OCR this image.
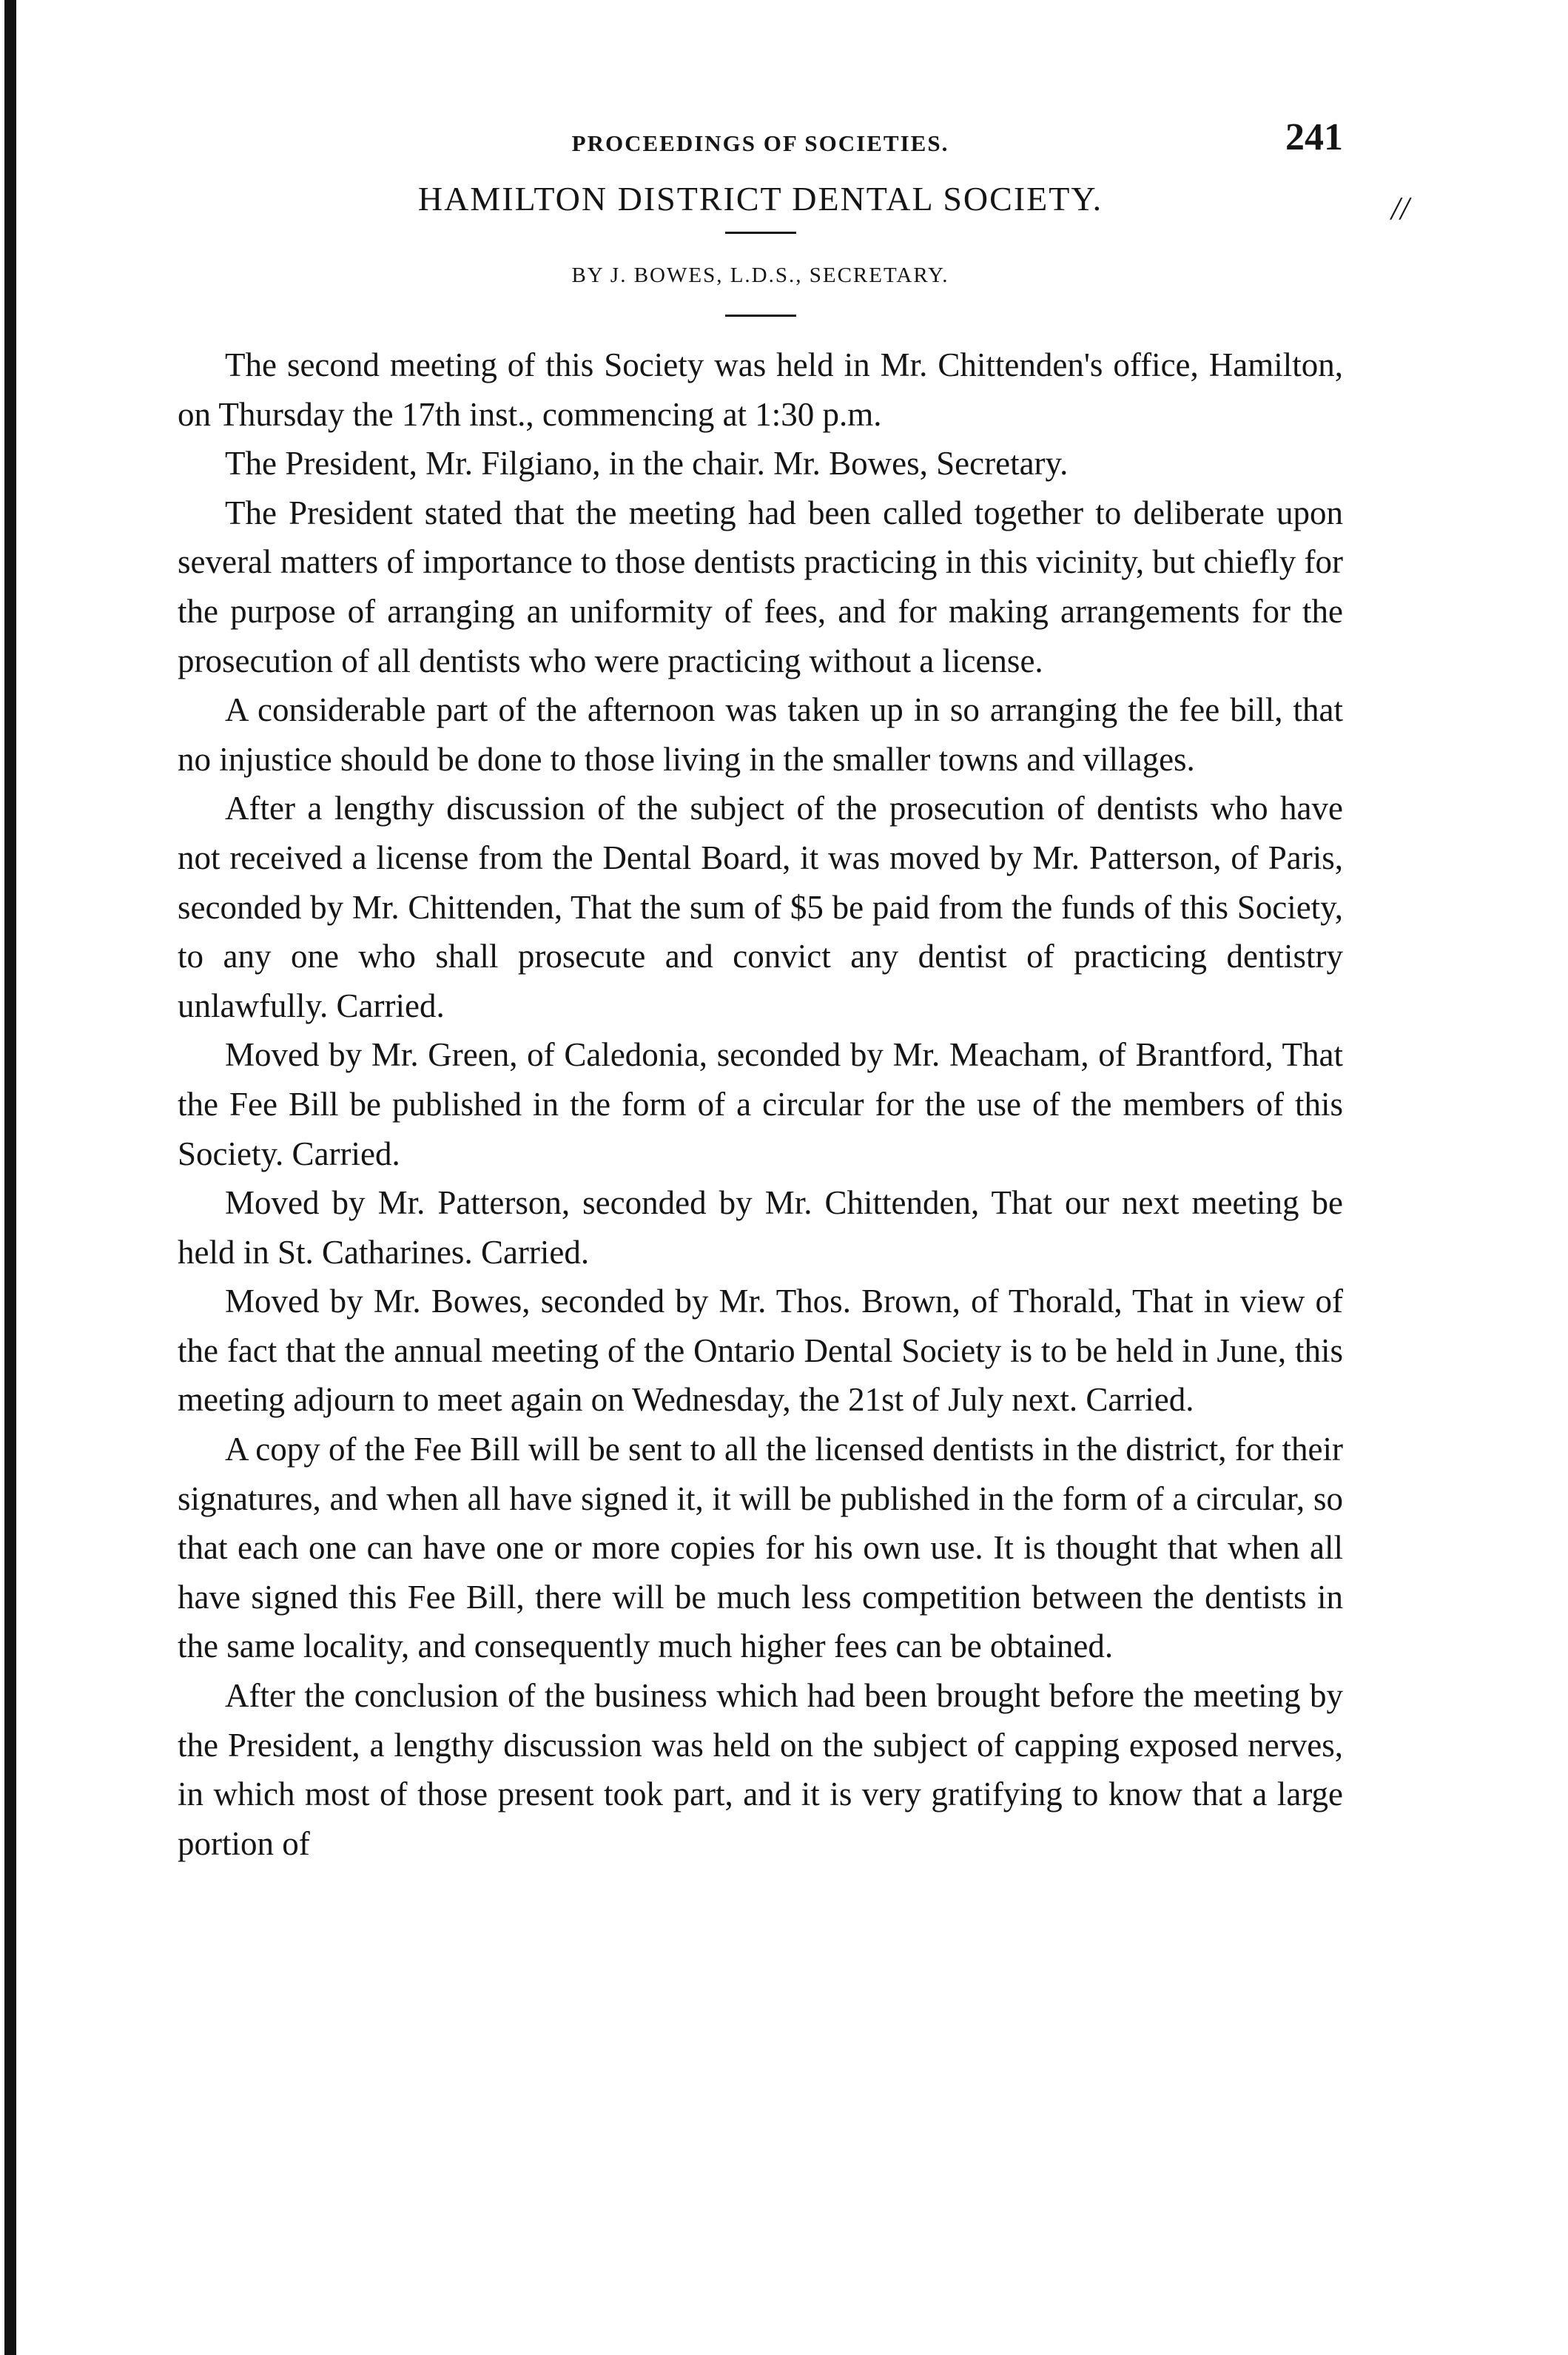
//
PROCEEDINGS OF SOCIETIES.	241
HAMILTON DISTRICT DENTAL SOCIETY.
BY J. BOWES, L.D.S., SECRETARY.

The second meeting of this Society was held in Mr. Chittenden's office, Hamilton, on Thursday the 17th inst., commencing at 1:30 p.m.

The President, Mr. Filgiano, in the chair. Mr. Bowes, Secretary.

The President stated that the meeting had been called together to deliberate upon several matters of importance to those dentists practicing in this vicinity, but chiefly for the purpose of arranging an uniformity of fees, and for making arrangements for the prosecution of all dentists who were practicing without a license.

A considerable part of the afternoon was taken up in so arranging the fee bill, that no injustice should be done to those living in the smaller towns and villages.

After a lengthy discussion of the subject of the prosecution of dentists who have not received a license from the Dental Board, it was moved by Mr. Patterson, of Paris, seconded by Mr. Chittenden, That the sum of $5 be paid from the funds of this Society, to any one who shall prosecute and convict any dentist of practicing dentistry unlawfully. Carried.

Moved by Mr. Green, of Caledonia, seconded by Mr. Meacham, of Brantford, That the Fee Bill be published in the form of a circular for the use of the members of this Society. Carried.

Moved by Mr. Patterson, seconded by Mr. Chittenden, That our next meeting be held in St. Catharines. Carried.

Moved by Mr. Bowes, seconded by Mr. Thos. Brown, of Thorald, That in view of the fact that the annual meeting of the Ontario Dental Society is to be held in June, this meeting adjourn to meet again on Wednesday, the 21st of July next. Carried.

A copy of the Fee Bill will be sent to all the licensed dentists in the district, for their signatures, and when all have signed it, it will be published in the form of a circular, so that each one can have one or more copies for his own use. It is thought that when all have signed this Fee Bill, there will be much less competition between the dentists in the same locality, and consequently much higher fees can be obtained.

After the conclusion of the business which had been brought before the meeting by the President, a lengthy discussion was held on the subject of capping exposed nerves, in which most of those present took part, and it is very gratifying to know that a large portion of
